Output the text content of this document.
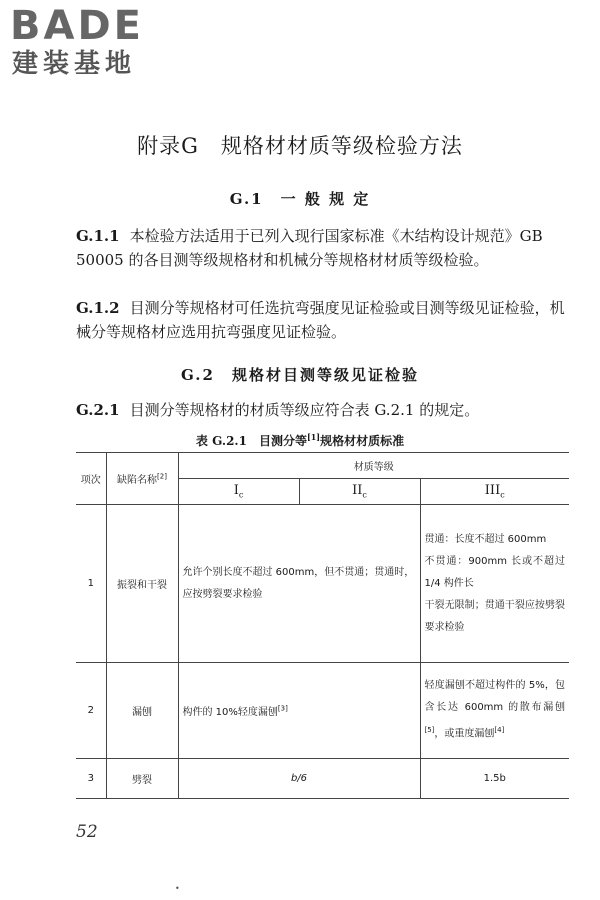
BADE
建装基地
附录G　规格材材质等级检验方法
G.1　一 般 规 定
G.1.1 本检验方法适用于已列入现行国家标准《木结构设计规范》GB 50005 的各目测等级规格材和机械分等规格材材质等级检验。
G.1.2 目测分等规格材可任选抗弯强度见证检验或目测等级见证检验，机械分等规格材应选用抗弯强度见证检验。
G.2　规格材目测等级见证检验
G.2.1 目测分等规格材的材质等级应符合表 G.2.1 的规定。
表 G.2.1　目测分等[1]规格材材质标准
项次	缺陷名称[2]	材质等级		
		$I_c$	$II_c$	$III_c$
1	振裂和干裂	允许个别长度不超过 600mm，但不贯通；贯通时，应按劈裂要求检验		贯通：长度不超过 600mm
不贯通：900mm 长或不超过 1/4 构件长
干裂无限制；贯通干裂应按劈裂要求检验

2	漏刨	构件的 10%轻度漏刨[3]		轻度漏刨不超过构件的 5%，包含长达 600mm 的散布漏刨[5]，或重度漏刨[4]
3	劈裂	b/6		1.5b
52
•
